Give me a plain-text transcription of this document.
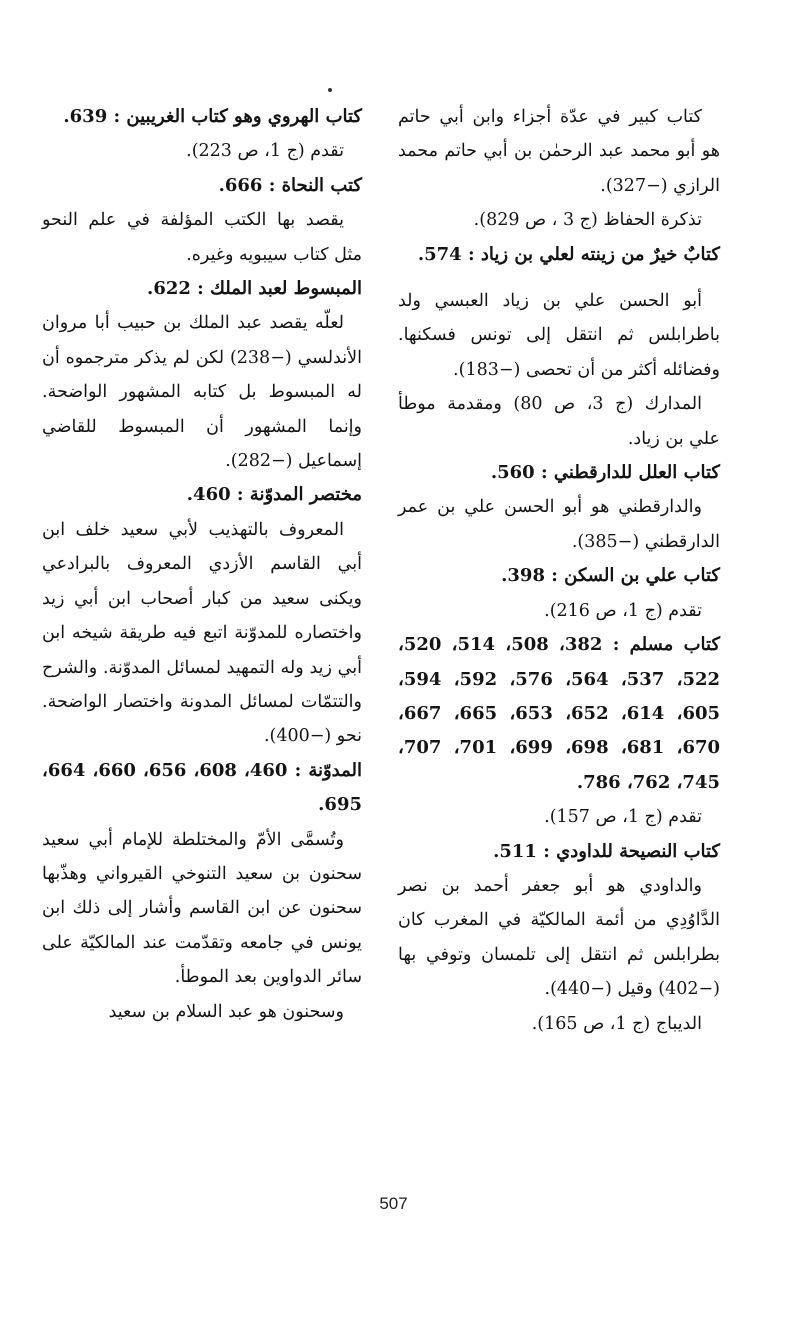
كتاب كبير في عدّة أجزاء وابن أبي حاتم هو أبو محمد عبد الرحمٰن بن أبي حاتم محمد الرازي (−327).

تذكرة الحفاظ (ج 3 ، ص 829).

كتابٌ خيرٌ من زينته لعلي بن زياد : 574.

أبو الحسن علي بن زياد العبسي ولد باطرابلس ثم انتقل إلى تونس فسكنها. وفضائله أكثر من أن تحصى (−183).

المدارك (ج 3، ص 80) ومقدمة موطأ علي بن زياد.

كتاب العلل للدارقطني : 560.

والدارقطني هو أبو الحسن علي بن عمر الدارقطني (−385).

كتاب علي بن السكن : 398.

تقدم (ج 1، ص 216).

كتاب مسلم : 382، 508، 514، 520، 522، 537، 564، 576، 592، 594، 605، 614، 652، 653، 665، 667، 670، 681، 698، 699، 701، 707، 745، 762، 786.

تقدم (ج 1، ص 157).

كتاب النصيحة للداودي : 511.

والداودي هو أبو جعفر أحمد بن نصر الدَّاوُدِي من أئمة المالكيّة في المغرب كان بطرابلس ثم انتقل إلى تلمسان وتوفي بها (−402) وقيل (−440).

الديباج (ج 1، ص 165).

كتاب الهروي وهو كتاب الغريبين : 639.

تقدم (ج 1، ص 223).

كتب النحاة : 666.

يقصد بها الكتب المؤلفة في علم النحو مثل كتاب سيبويه وغيره.

المبسوط لعبد الملك : 622.

لعلّه يقصد عبد الملك بن حبيب أبا مروان الأندلسي (−238) لكن لم يذكر مترجموه أن له المبسوط بل كتابه المشهور الواضحة. وإنما المشهور أن المبسوط للقاضي إسماعيل (−282).

مختصر المدوّنة : 460.

المعروف بالتهذيب لأبي سعيد خلف ابن أبي القاسم الأزدي المعروف بالبرادعي ويكنى سعيد من كبار أصحاب ابن أبي زيد واختصاره للمدوّنة اتبع فيه طريقة شيخه ابن أبي زيد وله التمهيد لمسائل المدوّنة. والشرح والتتمّات لمسائل المدونة واختصار الواضحة. نحو (−400).

المدوّنة : 460، 608، 656، 660، 664، 695.

وتُسمَّى الأمّ والمختلطة للإمام أبي سعيد سحنون بن سعيد التنوخي القيرواني وهذّبها سحنون عن ابن القاسم وأشار إلى ذلك ابن يونس في جامعه وتقدّمت عند المالكيّة على سائر الدواوين بعد الموطأ.

وسحنون هو عبد السلام بن سعيد

507
